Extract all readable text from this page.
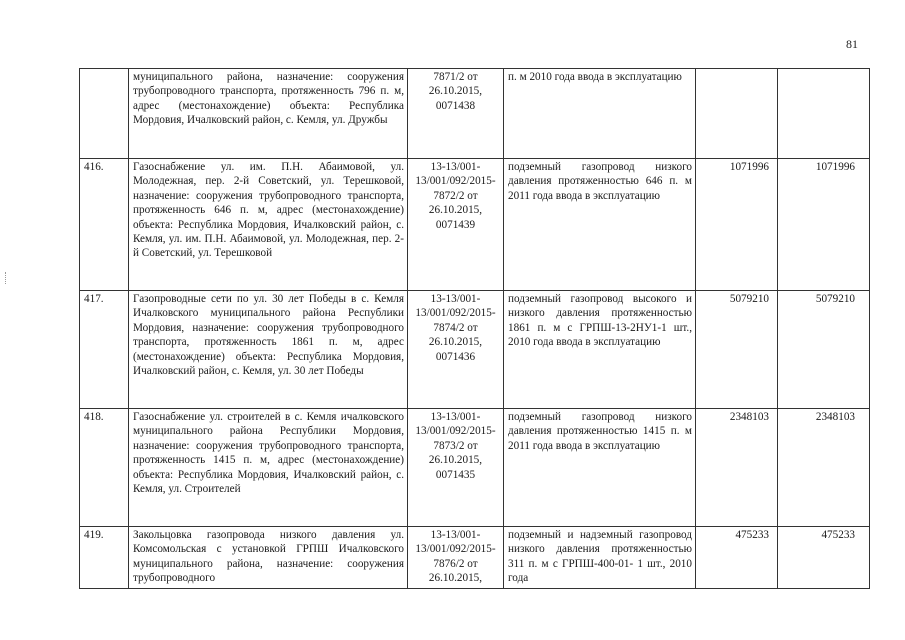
81
	муниципального района, назначение: сооружения трубопроводного транспорта, протяженность 796 п. м, адрес (местонахождение) объекта: Республика Мордовия, Ичалковский район, с. Кемля, ул. Дружбы	7871/2 от 26.10.2015, 0071438	п. м 2010 года ввода в эксплуатацию		
416.	Газоснабжение ул. им. П.Н. Абаимовой, ул. Молодежная, пер. 2-й Советский, ул. Терешковой, назначение: сооружения трубопроводного транспорта, протяженность 646 п. м, адрес (местонахождение) объекта: Республика Мордовия, Ичалковский район, с. Кемля, ул. им. П.Н. Абаимовой, ул. Молодежная, пер. 2-й Советский, ул. Терешковой	13-13/001-13/001/092/2015-7872/2 от 26.10.2015, 0071439	подземный газопровод низкого давления протяженностью 646 п. м 2011 года ввода в эксплуатацию	1071996	1071996
417.	Газопроводные сети по ул. 30 лет Победы в с. Кемля Ичалковского муниципального района Республики Мордовия, назначение: сооружения трубопроводного транспорта, протяженность 1861 п. м, адрес (местонахождение) объекта: Республика Мордовия, Ичалковский район, с. Кемля, ул. 30 лет Победы	13-13/001-13/001/092/2015-7874/2 от 26.10.2015, 0071436	подземный газопровод высокого и низкого давления протяженностью 1861 п. м с ГРПШ-13-2НУ1-1 шт., 2010 года ввода в эксплуатацию	5079210	5079210
418.	Газоснабжение ул. строителей в с. Кемля ичалковского муниципального района Республики Мордовия, назначение: сооружения трубопроводного транспорта, протяженность 1415 п. м, адрес (местонахождение) объекта: Республика Мордовия, Ичалковский район, с. Кемля, ул. Строителей	13-13/001-13/001/092/2015-7873/2 от 26.10.2015, 0071435	подземный газопровод низкого давления протяженностью 1415 п. м 2011 года ввода в эксплуатацию	2348103	2348103

419.	Закольцовка газопровода низкого давления ул. Комсомольская с установкой ГРПШ Ичалковского муниципального района, назначение: сооружения трубопроводного	13-13/001-13/001/092/2015-7876/2 от 26.10.2015,	подземный и надземный газопровод низкого давления протяженностью 311 п. м с ГРПШ-400-01- 1 шт., 2010 года	475233	475233
